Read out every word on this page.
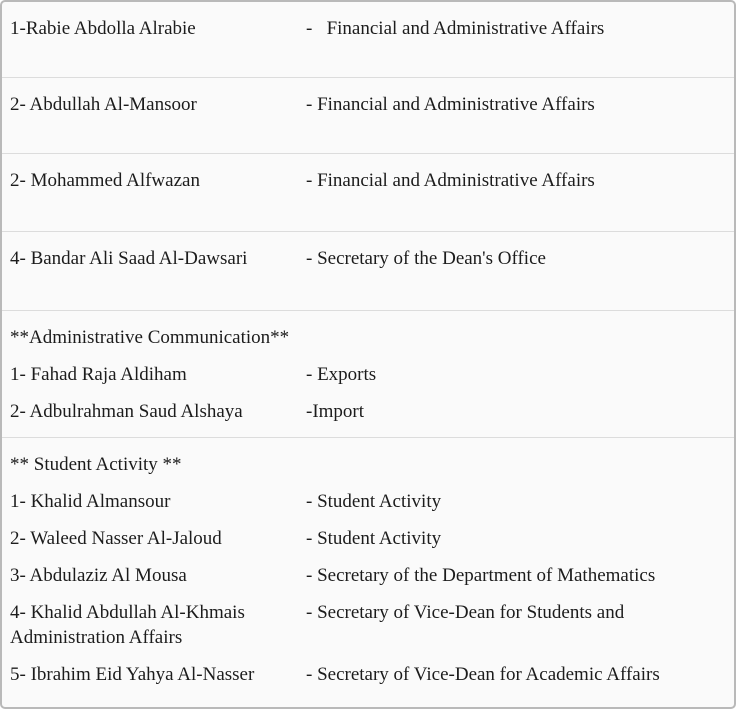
1-Rabie Abdolla Alrabie	-   Financial and Administrative Affairs

2- Abdullah Al-Mansoor	- Financial and Administrative Affairs

2- Mohammed Alfwazan	- Financial and Administrative Affairs

4- Bandar Ali Saad Al-Dawsari	- Secretary of the Dean's Office

**Administrative Communication**

1- Fahad Raja Aldiham	- Exports

2- Adbulrahman Saud Alshaya	-Import

** Student Activity **

1- Khalid Almansour	- Student Activity

2- Waleed Nasser Al-Jaloud	- Student Activity

3- Abdulaziz Al Mousa	- Secretary of the Department of Mathematics

4- Khalid Abdullah Al-Khmais	- Secretary of Vice-Dean for Students and Administration Affairs

5- Ibrahim Eid Yahya Al-Nasser	- Secretary of Vice-Dean for Academic Affairs
